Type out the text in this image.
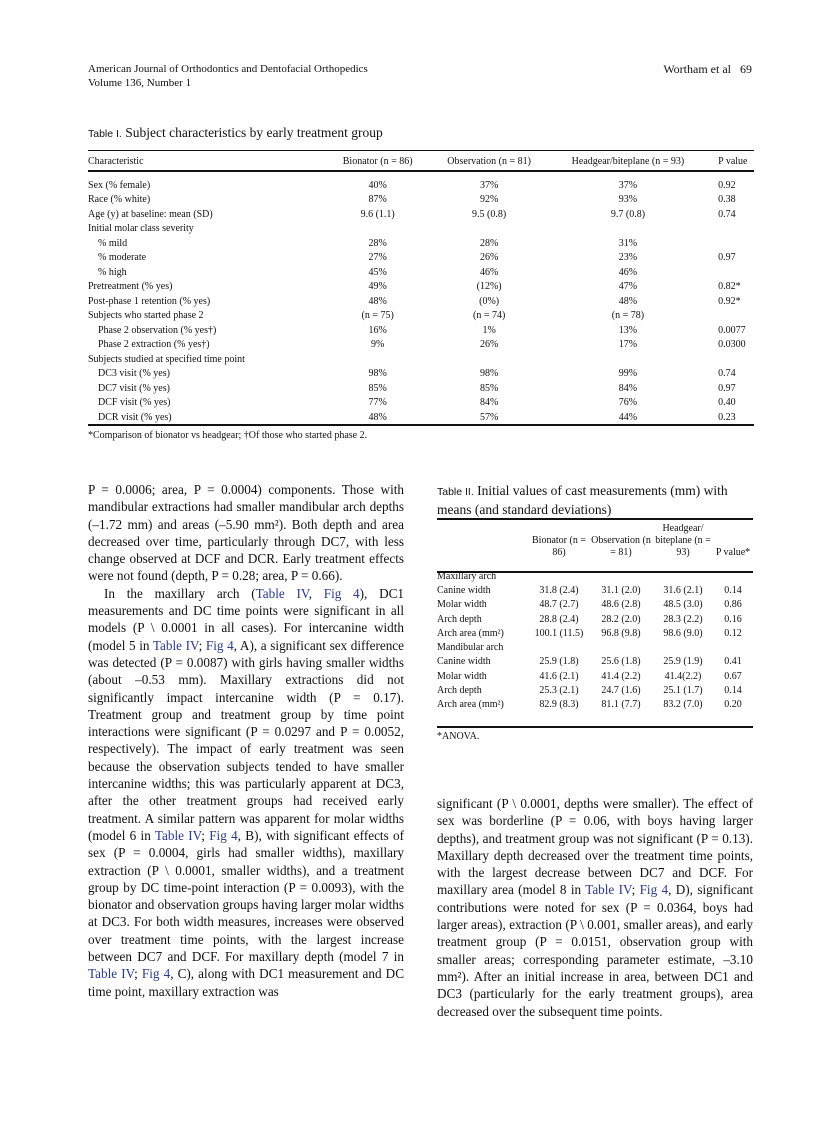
American Journal of Orthodontics and Dentofacial Orthopedics
Volume 136, Number 1
Wortham et al 69
Table I. Subject characteristics by early treatment group
Characteristic	Bionator (n = 86)	Observation (n = 81)	Headgear/biteplane (n = 93)	P value
Sex (% female)	40%	37%	37%	0.92
Race (% white)	87%	92%	93%	0.38
Age (y) at baseline: mean (SD)	9.6 (1.1)	9.5 (0.8)	9.7 (0.8)	0.74
Initial molar class severity				
% mild	28%	28%	31%	
% moderate	27%	26%	23%	0.97
% high	45%	46%	46%	
Pretreatment (% yes)	49%	(12%)	47%	0.82*
Post-phase 1 retention (% yes)	48%	(0%)	48%	0.92*
Subjects who started phase 2	(n = 75)	(n = 74)	(n = 78)	
Phase 2 observation (% yes†)	16%	1%	13%	0.0077
Phase 2 extraction (% yes†)	9%	26%	17%	0.0300
Subjects studied at specified time point				
DC3 visit (% yes)	98%	98%	99%	0.74
DC7 visit (% yes)	85%	85%	84%	0.97
DCF visit (% yes)	77%	84%	76%	0.40
DCR visit (% yes)	48%	57%	44%	0.23
*Comparison of bionator vs headgear; †Of those who started phase 2.

P = 0.0006; area, P = 0.0004) components. Those with mandibular extractions had smaller mandibular arch depths (–1.72 mm) and areas (–5.90 mm²). Both depth and area decreased over time, particularly through DC7, with less change observed at DCF and DCR. Early treatment effects were not found (depth, P = 0.28; area, P = 0.66).

In the maxillary arch (Table IV, Fig 4), DC1 measurements and DC time points were significant in all models (P \ 0.0001 in all cases). For intercanine width (model 5 in Table IV; Fig 4, A), a significant sex difference was detected (P = 0.0087) with girls having smaller widths (about –0.53 mm). Maxillary extractions did not significantly impact intercanine width (P = 0.17). Treatment group and treatment group by time point interactions were significant (P = 0.0297 and P = 0.0052, respectively). The impact of early treatment was seen because the observation subjects tended to have smaller intercanine widths; this was particularly apparent at DC3, after the other treatment groups had received early treatment. A similar pattern was apparent for molar widths (model 6 in Table IV; Fig 4, B), with significant effects of sex (P = 0.0004, girls had smaller widths), maxillary extraction (P \ 0.0001, smaller widths), and a treatment group by DC time-point interaction (P = 0.0093), with the bionator and observation groups having larger molar widths at DC3. For both width measures, increases were observed over treatment time points, with the largest increase between DC7 and DCF. For maxillary depth (model 7 in Table IV; Fig 4, C), along with DC1 measurement and DC time point, maxillary extraction was

Table II. Initial values of cast measurements (mm) with means (and standard deviations)
	Bionator (n = 86)	Observation (n = 81)	Headgear/ biteplane (n = 93)	P value*
Maxillary arch				
Canine width	31.8 (2.4)	31.1 (2.0)	31.6 (2.1)	0.14
Molar width	48.7 (2.7)	48.6 (2.8)	48.5 (3.0)	0.86
Arch depth	28.8 (2.4)	28.2 (2.0)	28.3 (2.2)	0.16
Arch area (mm²)	100.1 (11.5)	96.8 (9.8)	98.6 (9.0)	0.12
Mandibular arch				
Canine width	25.9 (1.8)	25.6 (1.8)	25.9 (1.9)	0.41
Molar width	41.6 (2.1)	41.4 (2.2)	41.4(2.2)	0.67
Arch depth	25.3 (2.1)	24.7 (1.6)	25.1 (1.7)	0.14
Arch area (mm²)	82.9 (8.3)	81.1 (7.7)	83.2 (7.0)	0.20
*ANOVA.

significant (P \ 0.0001, depths were smaller). The effect of sex was borderline (P = 0.06, with boys having larger depths), and treatment group was not significant (P = 0.13). Maxillary depth decreased over the treatment time points, with the largest decrease between DC7 and DCF. For maxillary area (model 8 in Table IV; Fig 4, D), significant contributions were noted for sex (P = 0.0364, boys had larger areas), extraction (P \ 0.001, smaller areas), and early treatment group (P = 0.0151, observation group with smaller areas; corresponding parameter estimate, –3.10 mm²). After an initial increase in area, between DC1 and DC3 (particularly for the early treatment groups), area decreased over the subsequent time points.
